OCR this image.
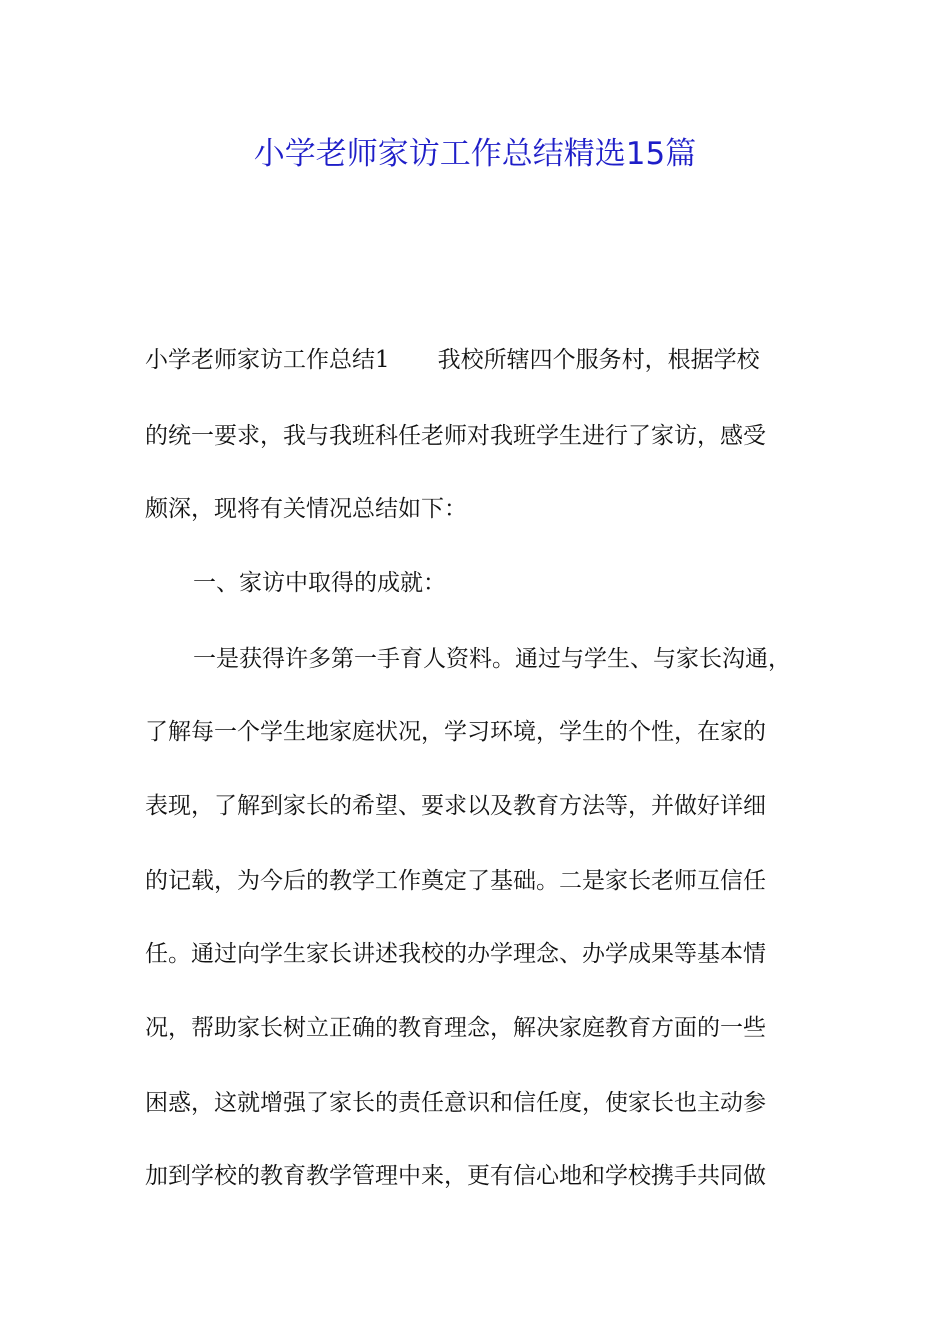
小学老师家访工作总结精选15篇
小学老师家访工作总结1 我校所辖四个服务村，根据学校
的统一要求，我与我班科任老师对我班学生进行了家访，感受
颇深，现将有关情况总结如下：
一、家访中取得的成就：
一是获得许多第一手育人资料。通过与学生、与家长沟通，
了解每一个学生地家庭状况，学习环境，学生的个性，在家的
表现，了解到家长的希望、要求以及教育方法等，并做好详细
的记载，为今后的教学工作奠定了基础。二是家长老师互信任
任。通过向学生家长讲述我校的办学理念、办学成果等基本情
况，帮助家长树立正确的教育理念，解决家庭教育方面的一些
困惑，这就增强了家长的责任意识和信任度，使家长也主动参
加到学校的教育教学管理中来，更有信心地和学校携手共同做
